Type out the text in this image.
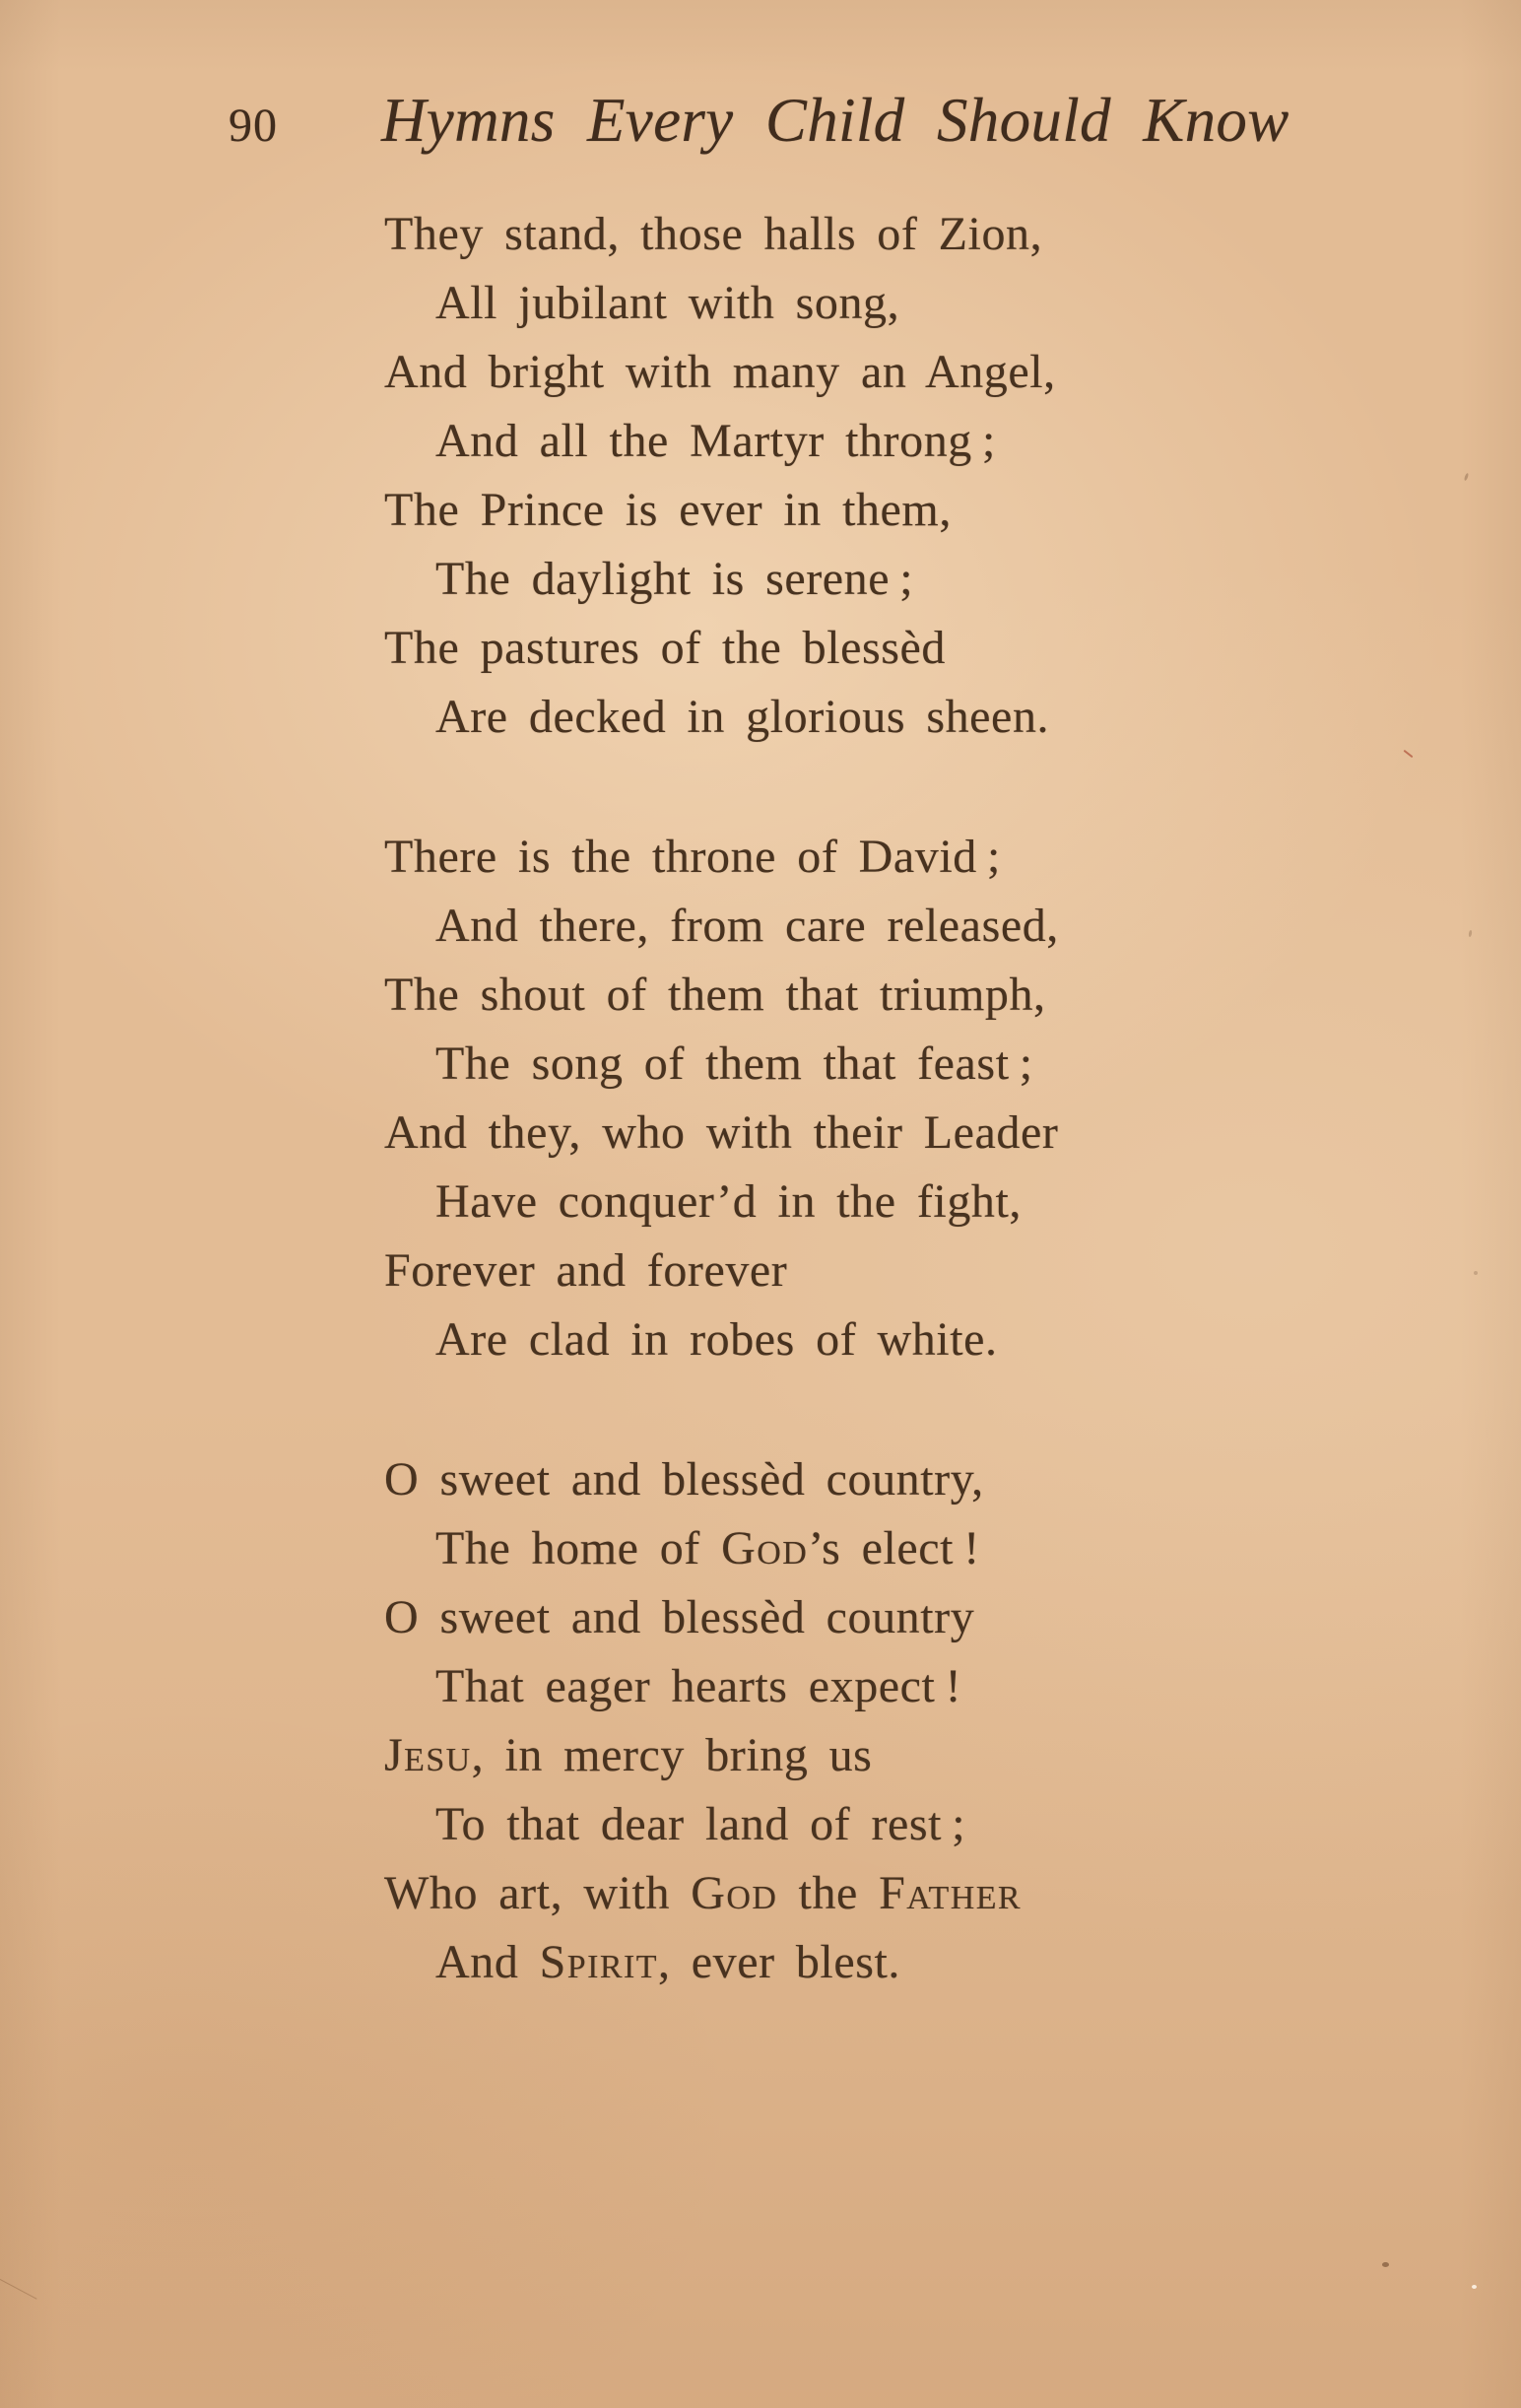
90 Hymns Every Child Should Know

They stand, those halls of Zion,

All jubilant with song,

And bright with many an Angel,

And all the Martyr throng ;

The Prince is ever in them,

The daylight is serene ;

The pastures of the blessèd

Are decked in glorious sheen.

There is the throne of David ;

And there, from care released,

The shout of them that triumph,

The song of them that feast ;

And they, who with their Leader

Have conquer’d in the fight,

Forever and forever

Are clad in robes of white.

O sweet and blessèd country,

The home of God’s elect !

O sweet and blessèd country

That eager hearts expect !

Jesu, in mercy bring us

To that dear land of rest ;

Who art, with God the Father

And Spirit, ever blest.
